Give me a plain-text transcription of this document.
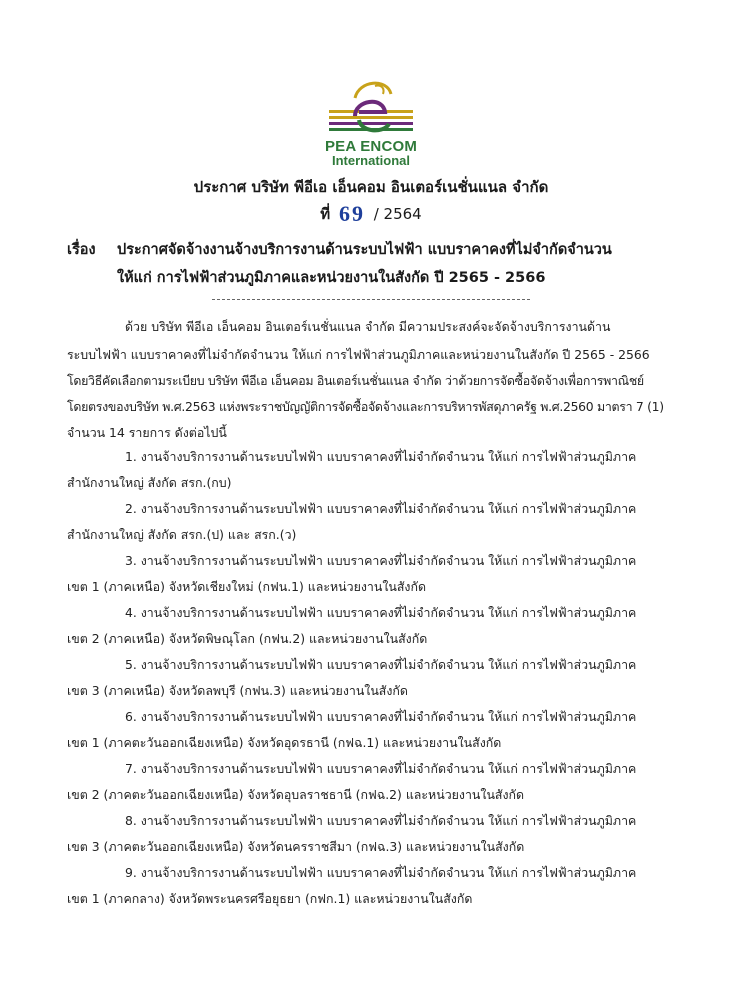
PEA ENCOM
International
ประกาศ บริษัท พีอีเอ เอ็นคอม อินเตอร์เนชั่นแนล จำกัด
ที่ 69 / 2564
เรื่อง ประกาศจัดจ้างงานจ้างบริการงานด้านระบบไฟฟ้า แบบราคาคงที่ไม่จำกัดจำนวน
ให้แก่ การไฟฟ้าส่วนภูมิภาคและหน่วยงานในสังกัด ปี 2565 - 2566
ด้วย บริษัท พีอีเอ เอ็นคอม อินเตอร์เนชั่นแนล จำกัด มีความประสงค์จะจัดจ้างบริการงานด้าน
ระบบไฟฟ้า แบบราคาคงที่ไม่จำกัดจำนวน ให้แก่ การไฟฟ้าส่วนภูมิภาคและหน่วยงานในสังกัด ปี 2565 - 2566
โดยวิธีคัดเลือกตามระเบียบ บริษัท พีอีเอ เอ็นคอม อินเตอร์เนชั่นแนล จำกัด ว่าด้วยการจัดซื้อจัดจ้างเพื่อการพาณิชย์
โดยตรงของบริษัท พ.ศ.2563 แห่งพระราชบัญญัติการจัดซื้อจัดจ้างและการบริหารพัสดุภาครัฐ พ.ศ.2560 มาตรา 7 (1)
จำนวน 14 รายการ ดังต่อไปนี้
1. งานจ้างบริการงานด้านระบบไฟฟ้า แบบราคาคงที่ไม่จำกัดจำนวน ให้แก่ การไฟฟ้าส่วนภูมิภาค
สำนักงานใหญ่ สังกัด สรก.(กบ)
2. งานจ้างบริการงานด้านระบบไฟฟ้า แบบราคาคงที่ไม่จำกัดจำนวน ให้แก่ การไฟฟ้าส่วนภูมิภาค
สำนักงานใหญ่ สังกัด สรก.(ป) และ สรก.(ว)
3. งานจ้างบริการงานด้านระบบไฟฟ้า แบบราคาคงที่ไม่จำกัดจำนวน ให้แก่ การไฟฟ้าส่วนภูมิภาค
เขต 1 (ภาคเหนือ) จังหวัดเชียงใหม่ (กฟน.1) และหน่วยงานในสังกัด
4. งานจ้างบริการงานด้านระบบไฟฟ้า แบบราคาคงที่ไม่จำกัดจำนวน ให้แก่ การไฟฟ้าส่วนภูมิภาค
เขต 2 (ภาคเหนือ) จังหวัดพิษณุโลก (กฟน.2) และหน่วยงานในสังกัด
5. งานจ้างบริการงานด้านระบบไฟฟ้า แบบราคาคงที่ไม่จำกัดจำนวน ให้แก่ การไฟฟ้าส่วนภูมิภาค
เขต 3 (ภาคเหนือ) จังหวัดลพบุรี (กฟน.3) และหน่วยงานในสังกัด
6. งานจ้างบริการงานด้านระบบไฟฟ้า แบบราคาคงที่ไม่จำกัดจำนวน ให้แก่ การไฟฟ้าส่วนภูมิภาค
เขต 1 (ภาคตะวันออกเฉียงเหนือ) จังหวัดอุดรธานี (กฟฉ.1) และหน่วยงานในสังกัด
7. งานจ้างบริการงานด้านระบบไฟฟ้า แบบราคาคงที่ไม่จำกัดจำนวน ให้แก่ การไฟฟ้าส่วนภูมิภาค
เขต 2 (ภาคตะวันออกเฉียงเหนือ) จังหวัดอุบลราชธานี (กฟฉ.2) และหน่วยงานในสังกัด
8. งานจ้างบริการงานด้านระบบไฟฟ้า แบบราคาคงที่ไม่จำกัดจำนวน ให้แก่ การไฟฟ้าส่วนภูมิภาค
เขต 3 (ภาคตะวันออกเฉียงเหนือ) จังหวัดนครราชสีมา (กฟฉ.3) และหน่วยงานในสังกัด
9. งานจ้างบริการงานด้านระบบไฟฟ้า แบบราคาคงที่ไม่จำกัดจำนวน ให้แก่ การไฟฟ้าส่วนภูมิภาค
เขต 1 (ภาคกลาง) จังหวัดพระนครศรีอยุธยา (กฟก.1) และหน่วยงานในสังกัด
